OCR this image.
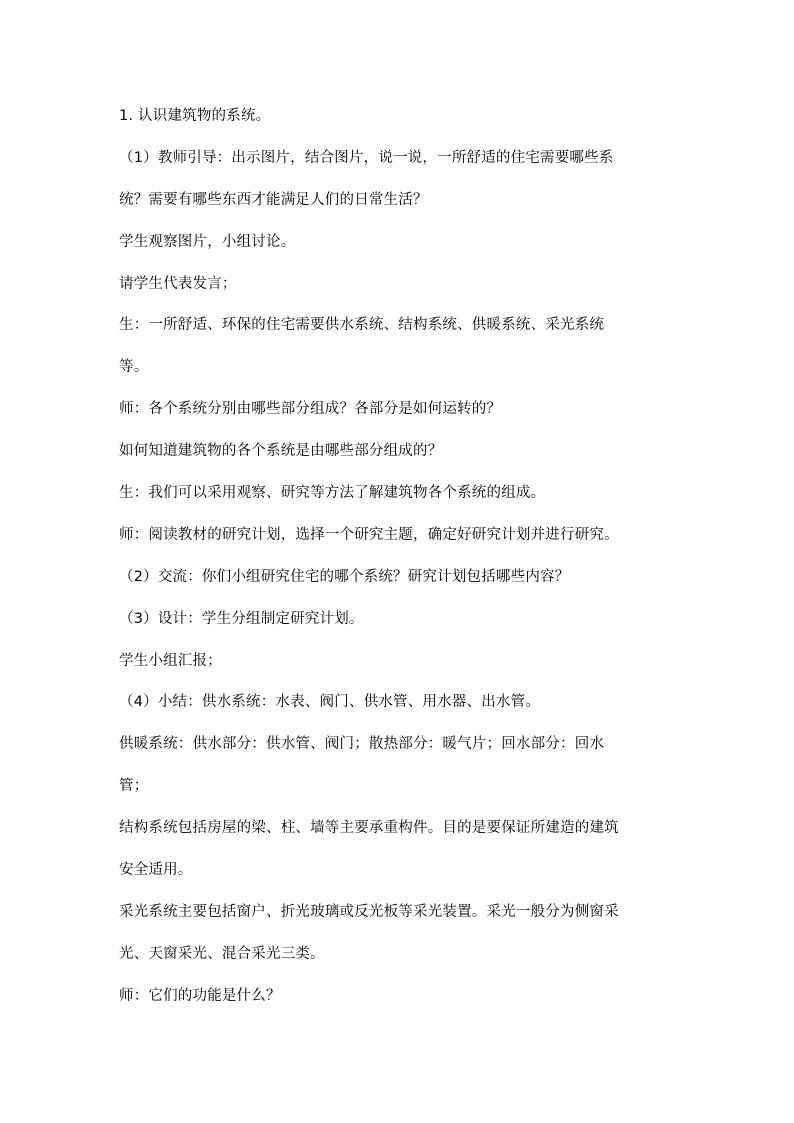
1. 认识建筑物的系统。
（1）教师引导：出示图片，结合图片，说一说，一所舒适的住宅需要哪些系
统？需要有哪些东西才能满足人们的日常生活？
学生观察图片，小组讨论。
请学生代表发言；
生：一所舒适、环保的住宅需要供水系统、结构系统、供暖系统、采光系统
等。
师：各个系统分别由哪些部分组成？各部分是如何运转的？
如何知道建筑物的各个系统是由哪些部分组成的？
生：我们可以采用观察、研究等方法了解建筑物各个系统的组成。
师：阅读教材的研究计划，选择一个研究主题，确定好研究计划并进行研究。
（2）交流：你们小组研究住宅的哪个系统？研究计划包括哪些内容？
（3）设计：学生分组制定研究计划。
学生小组汇报；
（4）小结：供水系统：水表、阀门、供水管、用水器、出水管。
供暖系统：供水部分：供水管、阀门；散热部分：暖气片；回水部分：回水
管；
结构系统包括房屋的梁、柱、墙等主要承重构件。目的是要保证所建造的建筑
安全适用。
采光系统主要包括窗户、折光玻璃或反光板等采光装置。采光一般分为侧窗采
光、天窗采光、混合采光三类。
师：它们的功能是什么？
